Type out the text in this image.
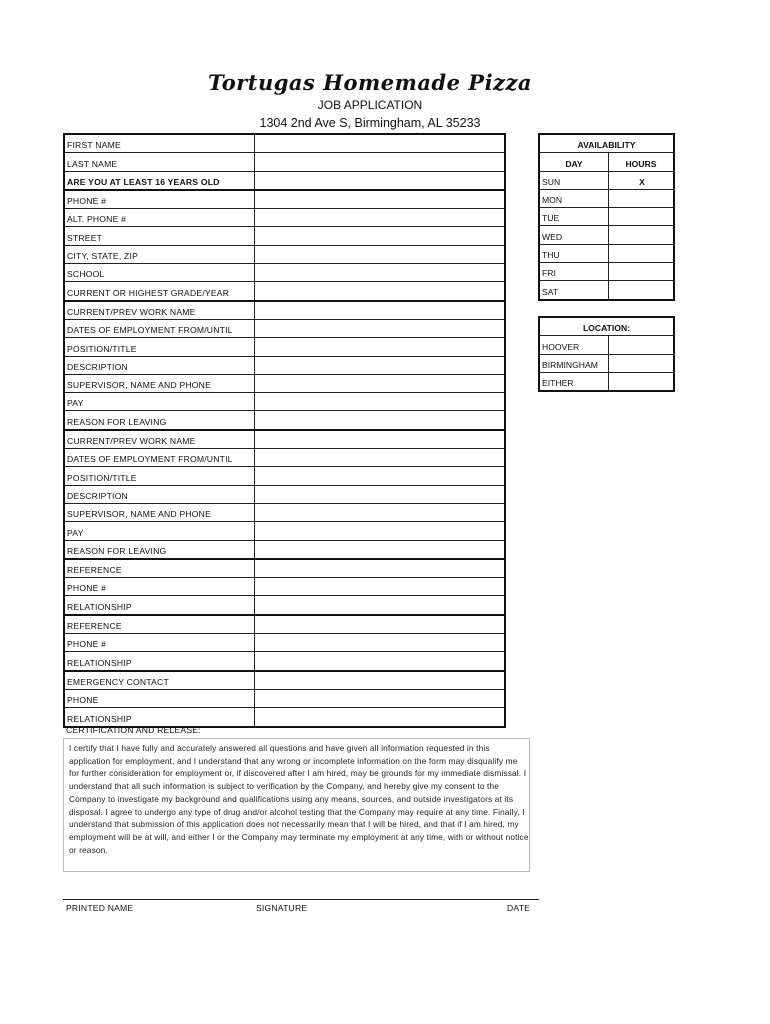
Tortugas Homemade Pizza
JOB APPLICATION
1304 2nd Ave S, Birmingham, AL 35233
FIRST NAME	
LAST NAME	
ARE YOU AT LEAST 16 YEARS OLD	
PHONE #	
ALT. PHONE #	
STREET	
CITY, STATE, ZIP	
SCHOOL	
CURRENT OR HIGHEST GRADE/YEAR	
CURRENT/PREV WORK NAME	
DATES OF EMPLOYMENT FROM/UNTIL	
POSITION/TITLE	
DESCRIPTION	
SUPERVISOR, NAME AND PHONE	
PAY	
REASON FOR LEAVING	
CURRENT/PREV WORK NAME	
DATES OF EMPLOYMENT FROM/UNTIL	
POSITION/TITLE	
DESCRIPTION	
SUPERVISOR, NAME AND PHONE	
PAY	
REASON FOR LEAVING	
REFERENCE	
PHONE #	
RELATIONSHIP	
REFERENCE	
PHONE #	
RELATIONSHIP	
EMERGENCY CONTACT	
PHONE	
RELATIONSHIP	
AVAILABILITY	
DAY	HOURS
SUN	X
MON	
TUE	
WED	
THU	
FRI	
SAT	
LOCATION:	
HOOVER	
BIRMINGHAM	
EITHER	
CERTIFICATION AND RELEASE:
I certify that I have fully and accurately answered all questions and have given all information requested in this application for employment, and I understand that any wrong or incomplete information on the form may disqualify me for further consideration for employment or, if discovered after I am hired, may be grounds for my immediate dismissal. I understand that all such information is subject to verification by the Company, and hereby give my consent to the Company to investigate my background and qualifications using any means, sources, and outside investigators at its disposal. I agree to undergo any type of drug and/or alcohol testing that the Company may require at any time. Finally, I understand that submission of this application does not necessarily mean that I will be hired, and that if I am hired, my employment will be at will, and either I or the Company may terminate my employment at any time, with or without notice or reason.
PRINTED NAME	SIGNATURE	DATE
